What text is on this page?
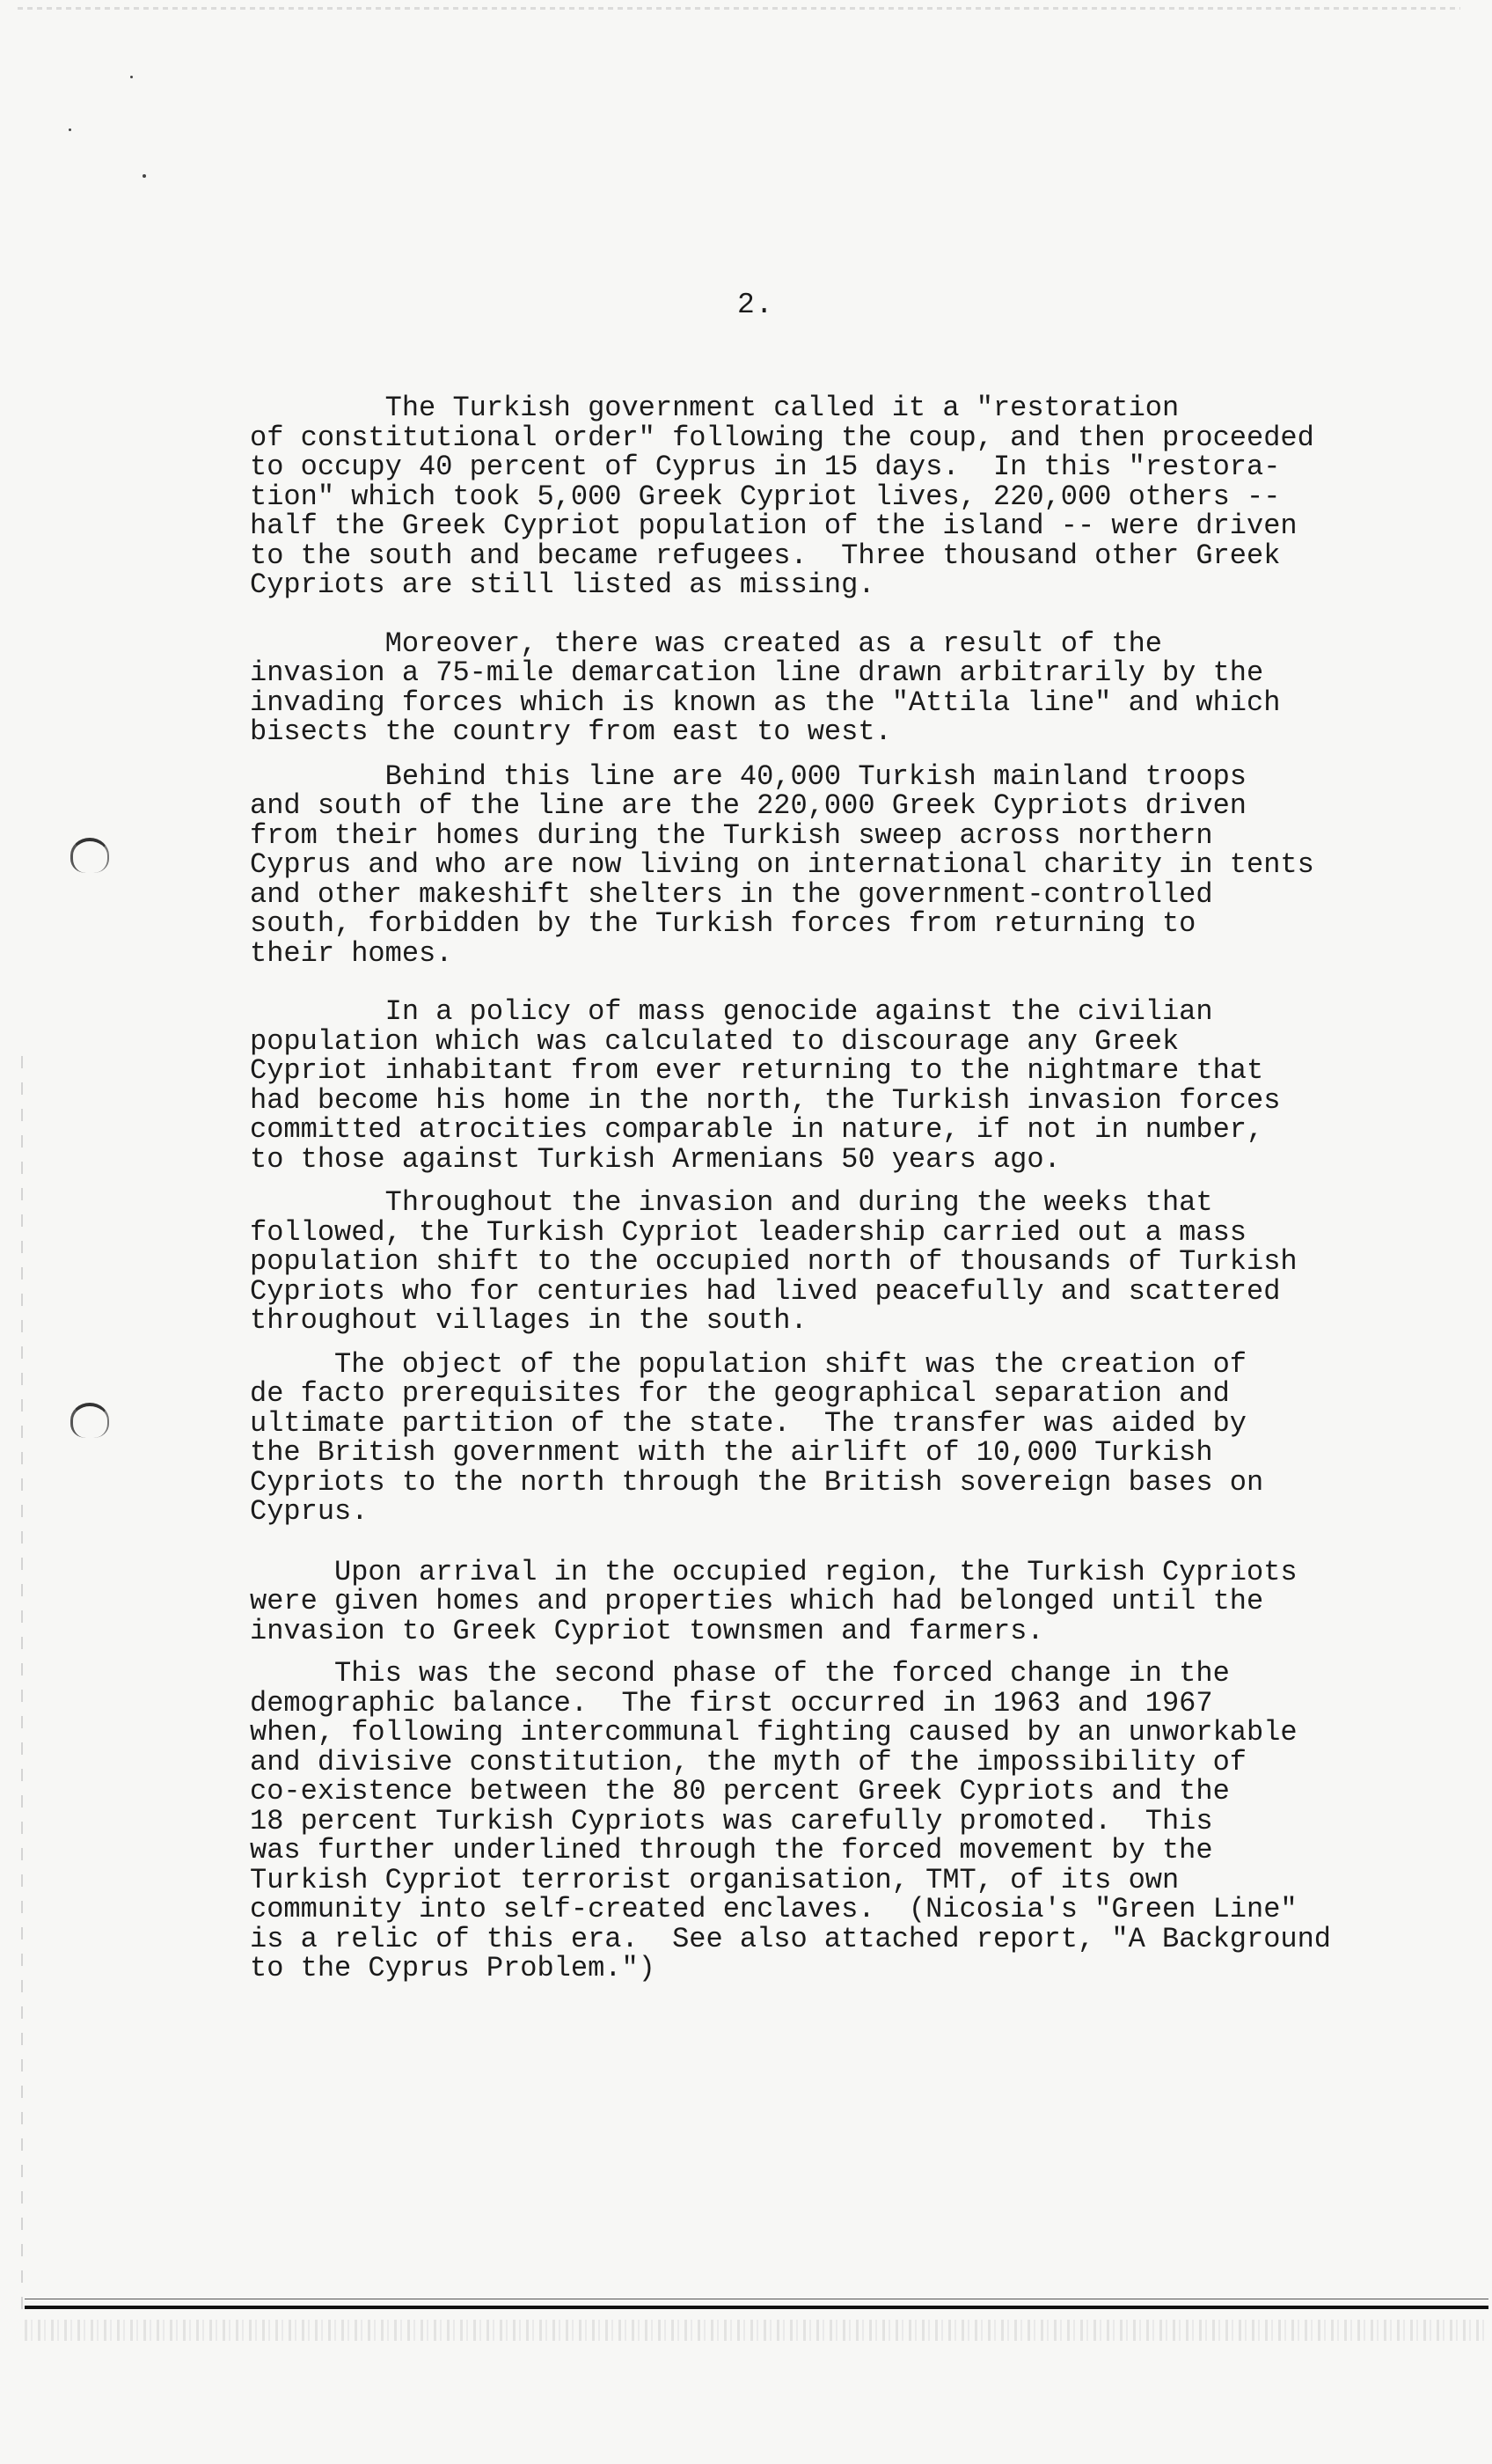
2.

The Turkish government called it a "restoration
of constitutional order" following the coup, and then proceeded
to occupy 40 percent of Cyprus in 15 days.  In this "restora-
tion" which took 5,000 Greek Cypriot lives, 220,000 others --
half the Greek Cypriot population of the island -- were driven
to the south and became refugees.  Three thousand other Greek
Cypriots are still listed as missing.

Moreover, there was created as a result of the
invasion a 75-mile demarcation line drawn arbitrarily by the
invading forces which is known as the "Attila line" and which
bisects the country from east to west.

Behind this line are 40,000 Turkish mainland troops
and south of the line are the 220,000 Greek Cypriots driven
from their homes during the Turkish sweep across northern
Cyprus and who are now living on international charity in tents
and other makeshift shelters in the government-controlled
south, forbidden by the Turkish forces from returning to
their homes.

In a policy of mass genocide against the civilian
population which was calculated to discourage any Greek
Cypriot inhabitant from ever returning to the nightmare that
had become his home in the north, the Turkish invasion forces
committed atrocities comparable in nature, if not in number,
to those against Turkish Armenians 50 years ago.

Throughout the invasion and during the weeks that
followed, the Turkish Cypriot leadership carried out a mass
population shift to the occupied north of thousands of Turkish
Cypriots who for centuries had lived peacefully and scattered
throughout villages in the south.

The object of the population shift was the creation of
de facto prerequisites for the geographical separation and
ultimate partition of the state.  The transfer was aided by
the British government with the airlift of 10,000 Turkish
Cypriots to the north through the British sovereign bases on
Cyprus.

Upon arrival in the occupied region, the Turkish Cypriots
were given homes and properties which had belonged until the
invasion to Greek Cypriot townsmen and farmers.

This was the second phase of the forced change in the
demographic balance.  The first occurred in 1963 and 1967
when, following intercommunal fighting caused by an unworkable
and divisive constitution, the myth of the impossibility of
co-existence between the 80 percent Greek Cypriots and the
18 percent Turkish Cypriots was carefully promoted.  This
was further underlined through the forced movement by the
Turkish Cypriot terrorist organisation, TMT, of its own
community into self-created enclaves.  (Nicosia's "Green Line"
is a relic of this era.  See also attached report, "A Background
to the Cyprus Problem.")
